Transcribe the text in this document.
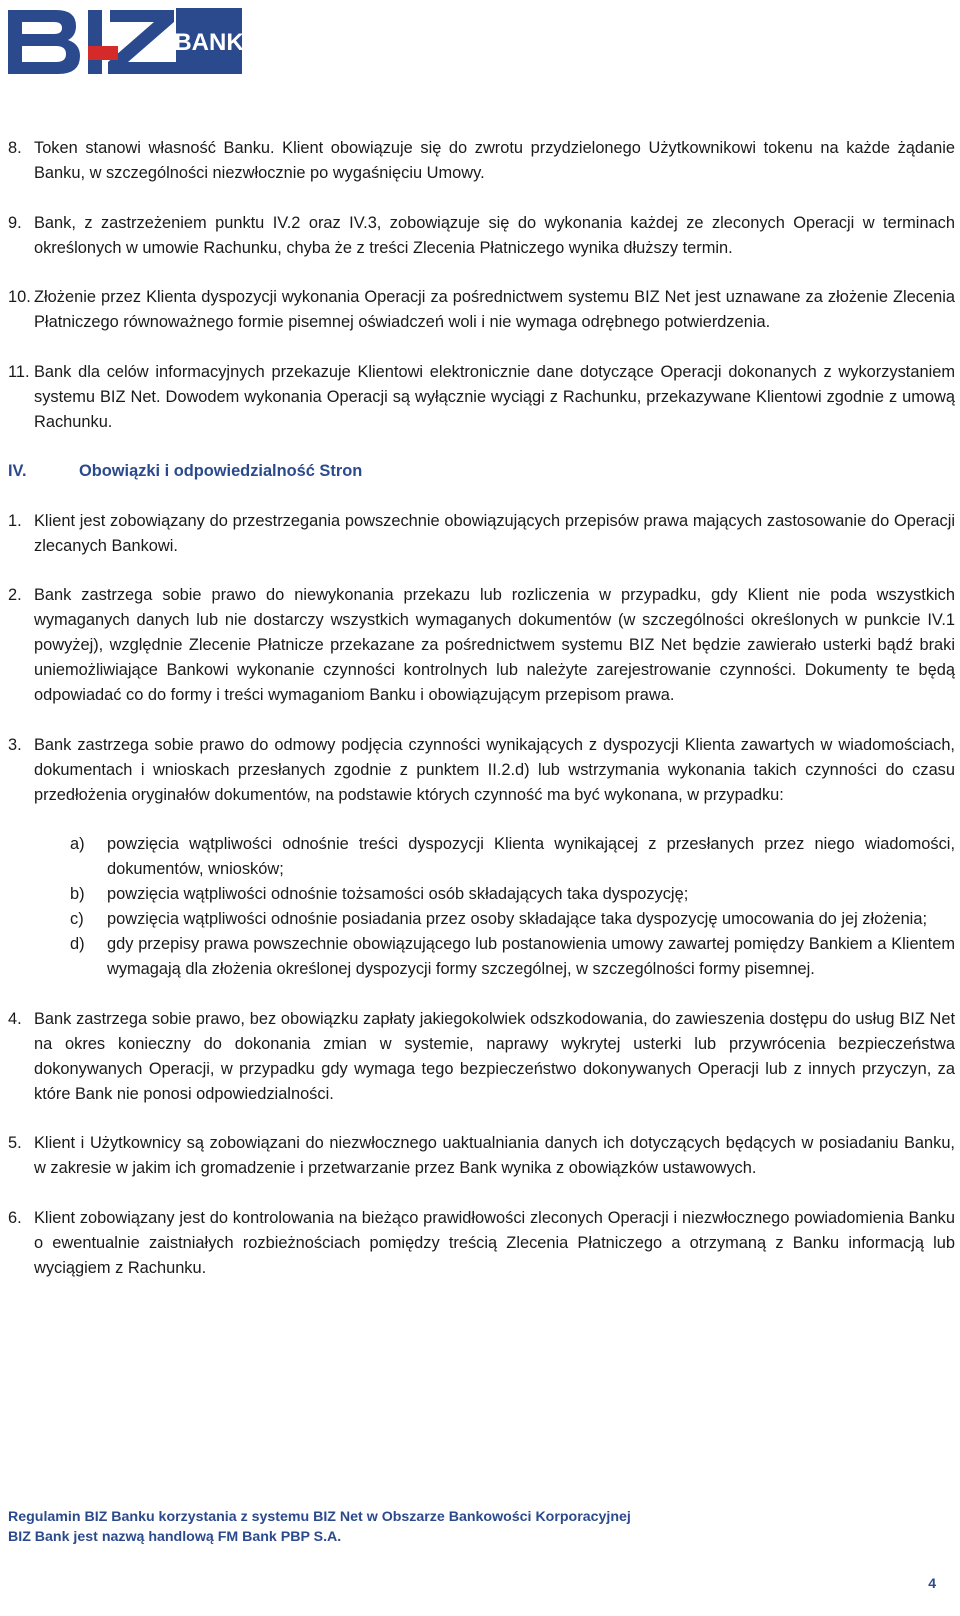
BANK
8. Token stanowi własność Banku. Klient obowiązuje się do zwrotu przydzielonego Użytkownikowi tokenu na każde żądanie Banku, w szczególności niezwłocznie po wygaśnięciu Umowy.
9. Bank, z zastrzeżeniem punktu IV.2 oraz IV.3, zobowiązuje się do wykonania każdej ze zleconych Operacji w terminach określonych w umowie Rachunku, chyba że z treści Zlecenia Płatniczego wynika dłuższy termin.
10. Złożenie przez Klienta dyspozycji wykonania Operacji za pośrednictwem systemu BIZ Net jest uznawane za złożenie Zlecenia Płatniczego równoważnego formie pisemnej oświadczeń woli i nie wymaga odrębnego potwierdzenia.
11. Bank dla celów informacyjnych przekazuje Klientowi elektronicznie dane dotyczące Operacji dokonanych z wykorzystaniem systemu BIZ Net. Dowodem wykonania Operacji są wyłącznie wyciągi z Rachunku, przekazywane Klientowi zgodnie z umową Rachunku.
IV.	Obowiązki i odpowiedzialność Stron
1. Klient jest zobowiązany do przestrzegania powszechnie obowiązujących przepisów prawa mających zastosowanie do Operacji zlecanych Bankowi.
2. Bank zastrzega sobie prawo do niewykonania przekazu lub rozliczenia w przypadku, gdy Klient nie poda wszystkich wymaganych danych lub nie dostarczy wszystkich wymaganych dokumentów (w szczególności określonych w punkcie IV.1 powyżej), względnie Zlecenie Płatnicze przekazane za pośrednictwem systemu BIZ Net będzie zawierało usterki bądź braki uniemożliwiające Bankowi wykonanie czynności kontrolnych lub należyte zarejestrowanie czynności. Dokumenty te będą odpowiadać co do formy i treści wymaganiom Banku i obowiązującym przepisom prawa.
3. Bank zastrzega sobie prawo do odmowy podjęcia czynności wynikających z dyspozycji Klienta zawartych w wiadomościach, dokumentach i wnioskach przesłanych zgodnie z punktem II.2.d) lub wstrzymania wykonania takich czynności do czasu przedłożenia oryginałów dokumentów, na podstawie których czynność ma być wykonana, w przypadku:
a)	powzięcia wątpliwości odnośnie treści dyspozycji Klienta wynikającej z przesłanych przez niego wiadomości, dokumentów, wniosków;
b)	powzięcia wątpliwości odnośnie tożsamości osób składających taka dyspozycję;
c)	powzięcia wątpliwości odnośnie posiadania przez osoby składające taka dyspozycję umocowania do jej złożenia;
d)	gdy przepisy prawa powszechnie obowiązującego lub postanowienia umowy zawartej pomiędzy Bankiem a Klientem wymagają dla złożenia określonej dyspozycji formy szczególnej, w szczególności formy pisemnej.
4. Bank zastrzega sobie prawo, bez obowiązku zapłaty jakiegokolwiek odszkodowania, do zawieszenia dostępu do usług BIZ Net na okres konieczny do dokonania zmian w systemie, naprawy wykrytej usterki lub przywrócenia bezpieczeństwa dokonywanych Operacji, w przypadku gdy wymaga tego bezpieczeństwo dokonywanych Operacji lub z innych przyczyn, za które Bank nie ponosi odpowiedzialności.
5. Klient i Użytkownicy są zobowiązani do niezwłocznego uaktualniania danych ich dotyczących będących w posiadaniu Banku, w zakresie w jakim ich gromadzenie i przetwarzanie przez Bank wynika z obowiązków ustawowych.
6. Klient zobowiązany jest do kontrolowania na bieżąco prawidłowości zleconych Operacji i niezwłocznego powiadomienia Banku o ewentualnie zaistniałych rozbieżnościach pomiędzy treścią Zlecenia Płatniczego a otrzymaną z Banku informacją lub wyciągiem z Rachunku.
Regulamin BIZ Banku korzystania z systemu BIZ Net w Obszarze Bankowości Korporacyjnej
BIZ Bank jest nazwą handlową FM Bank PBP S.A.
4
